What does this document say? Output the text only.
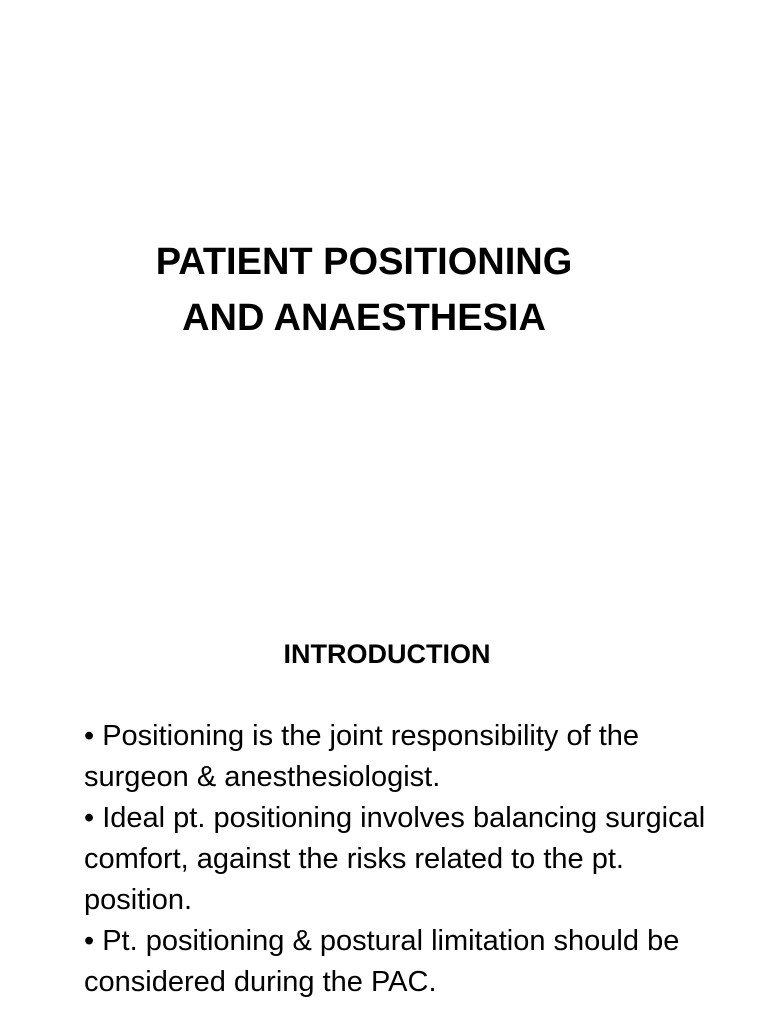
PATIENT POSITIONING
AND ANAESTHESIA
INTRODUCTION

• Positioning is the joint responsibility of the surgeon & anesthesiologist.

• Ideal pt. positioning involves balancing surgical comfort, against the risks related to the pt. position.

• Pt. positioning & postural limitation should be considered during the PAC.
